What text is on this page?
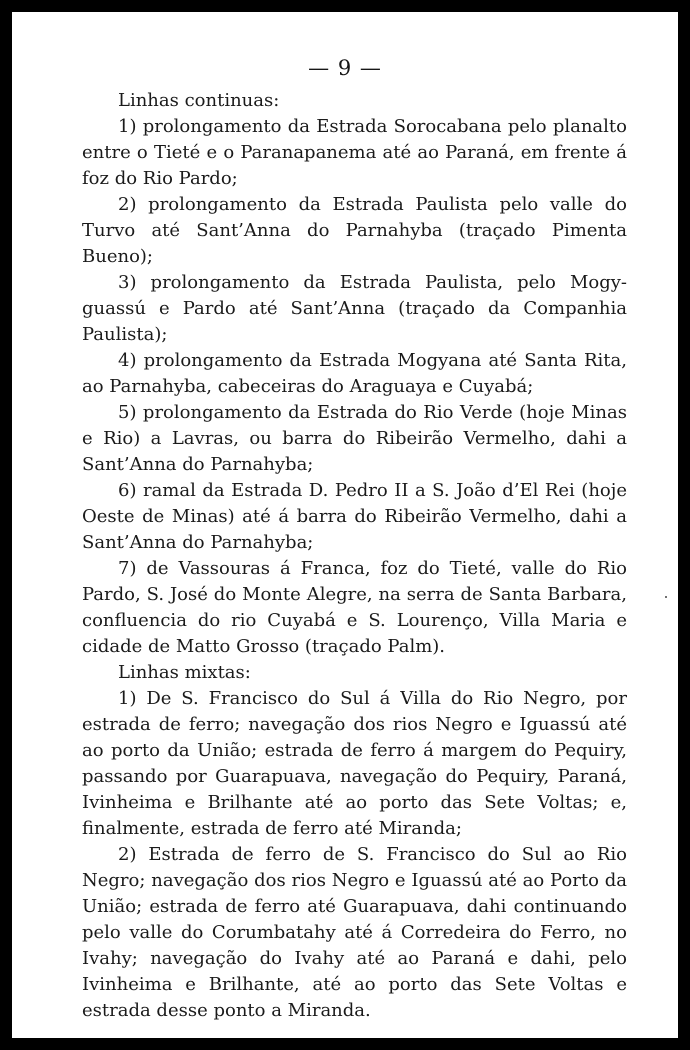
— 9 —

Linhas continuas:

1) prolongamento da Estrada Sorocabana pelo planalto entre o Tieté e o Paranapanema até ao Paraná, em frente á foz do Rio Pardo;

2) prolongamento da Estrada Paulista pelo valle do Turvo até Sant’Anna do Parnahyba (traçado Pimenta Bueno);

3) prolongamento da Estrada Paulista, pelo Mogy-guassú e Pardo até Sant’Anna (traçado da Companhia Paulista);

4) prolongamento da Estrada Mogyana até Santa Rita, ao Parnahyba, cabeceiras do Araguaya e Cuyabá;

5) prolongamento da Estrada do Rio Verde (hoje Minas e Rio) a Lavras, ou barra do Ribeirão Vermelho, dahi a Sant’Anna do Parnahyba;

6) ramal da Estrada D. Pedro II a S. João d’El Rei (hoje Oeste de Minas) até á barra do Ribeirão Vermelho, dahi a Sant’Anna do Parnahyba;

7) de Vassouras á Franca, foz do Tieté, valle do Rio Pardo, S. José do Monte Alegre, na serra de Santa Barbara, confluencia do rio Cuyabá e S. Lourenço, Villa Maria e cidade de Matto Grosso (traçado Palm).

Linhas mixtas:

1) De S. Francisco do Sul á Villa do Rio Negro, por estrada de ferro; navegação dos rios Negro e Iguassú até ao porto da União; estrada de ferro á margem do Pequiry, passando por Guarapuava, navegação do Pequiry, Paraná, Ivinheima e Brilhante até ao porto das Sete Voltas; e, finalmente, estrada de ferro até Miranda;

2) Estrada de ferro de S. Francisco do Sul ao Rio Negro; navegação dos rios Negro e Iguassú até ao Porto da União; estrada de ferro até Guarapuava, dahi continuando pelo valle do Corumbatahy até á Corredeira do Ferro, no Ivahy; navegação do Ivahy até ao Paraná e dahi, pelo Ivinheima e Brilhante, até ao porto das Sete Voltas e estrada desse ponto a Miranda.
